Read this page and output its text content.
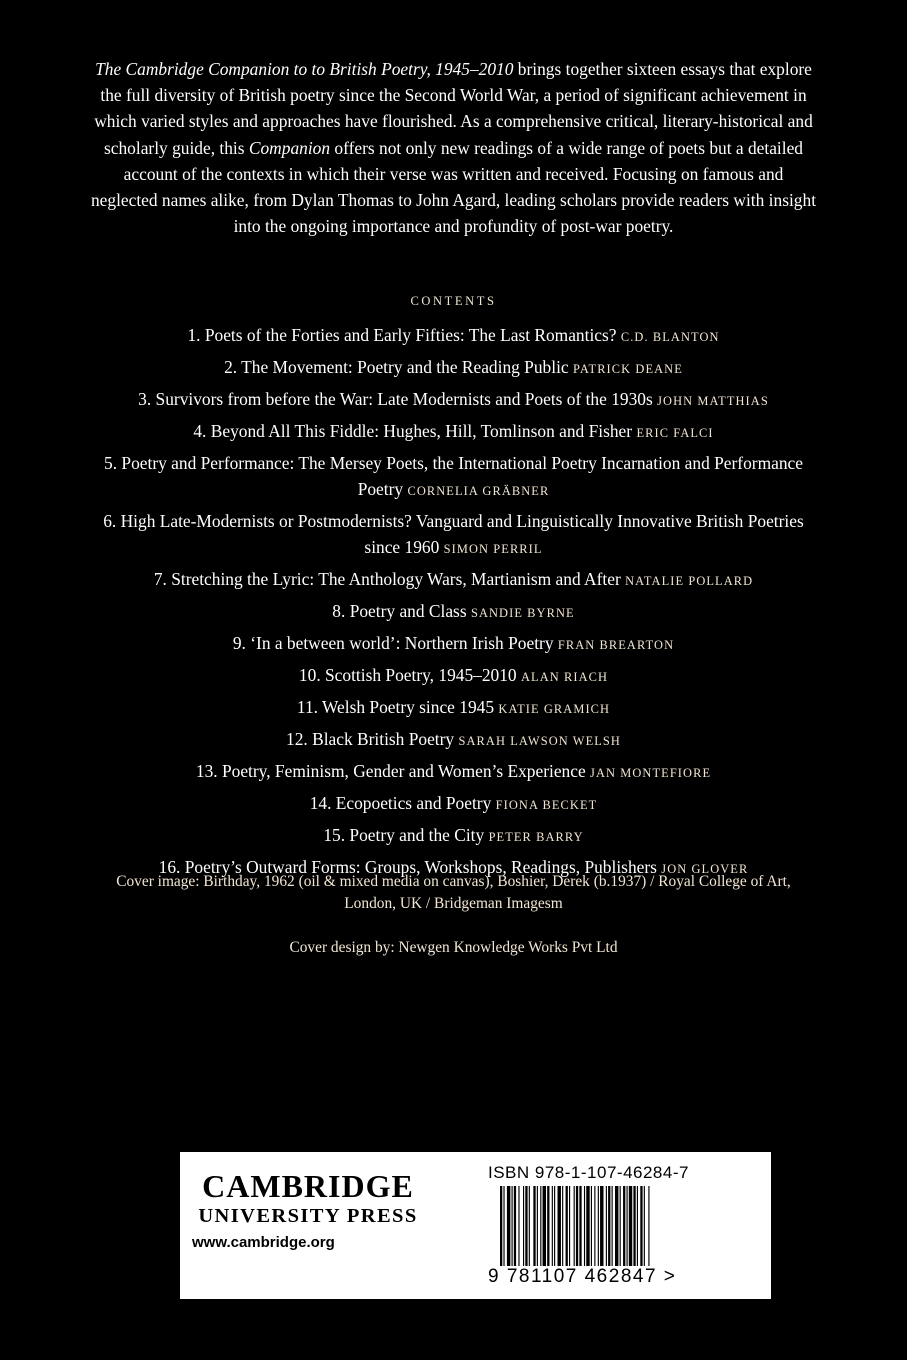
The Cambridge Companion to to British Poetry, 1945–2010 brings together sixteen essays that explore the full diversity of British poetry since the Second World War, a period of significant achievement in which varied styles and approaches have flourished. As a comprehensive critical, literary-historical and scholarly guide, this Companion offers not only new readings of a wide range of poets but a detailed account of the contexts in which their verse was written and received. Focusing on famous and neglected names alike, from Dylan Thomas to John Agard, leading scholars provide readers with insight into the ongoing importance and profundity of post-war poetry.
CONTENTS
1. Poets of the Forties and Early Fifties: The Last Romantics? C.D. BLANTON
2. The Movement: Poetry and the Reading Public PATRICK DEANE
3. Survivors from before the War: Late Modernists and Poets of the 1930s JOHN MATTHIAS
4. Beyond All This Fiddle: Hughes, Hill, Tomlinson and Fisher ERIC FALCI
5. Poetry and Performance: The Mersey Poets, the International Poetry Incarnation and Performance Poetry CORNELIA GRÄBNER
6. High Late-Modernists or Postmodernists? Vanguard and Linguistically Innovative British Poetries since 1960 SIMON PERRIL
7. Stretching the Lyric: The Anthology Wars, Martianism and After NATALIE POLLARD
8. Poetry and Class SANDIE BYRNE
9. ‘In a between world’: Northern Irish Poetry FRAN BREARTON
10. Scottish Poetry, 1945–2010 ALAN RIACH
11. Welsh Poetry since 1945 KATIE GRAMICH
12. Black British Poetry SARAH LAWSON WELSH
13. Poetry, Feminism, Gender and Women’s Experience JAN MONTEFIORE
14. Ecopoetics and Poetry FIONA BECKET
15. Poetry and the City PETER BARRY
16. Poetry’s Outward Forms: Groups, Workshops, Readings, Publishers JON GLOVER
Cover image: Birthday, 1962 (oil & mixed media on canvas), Boshier, Derek (b.1937) / Royal College of Art, London, UK / Bridgeman Imagesm
Cover design by: Newgen Knowledge Works Pvt Ltd
CAMBRIDGE
UNIVERSITY PRESS
www.cambridge.org
ISBN 978-1-107-46284-7
9 781107 462847 >
